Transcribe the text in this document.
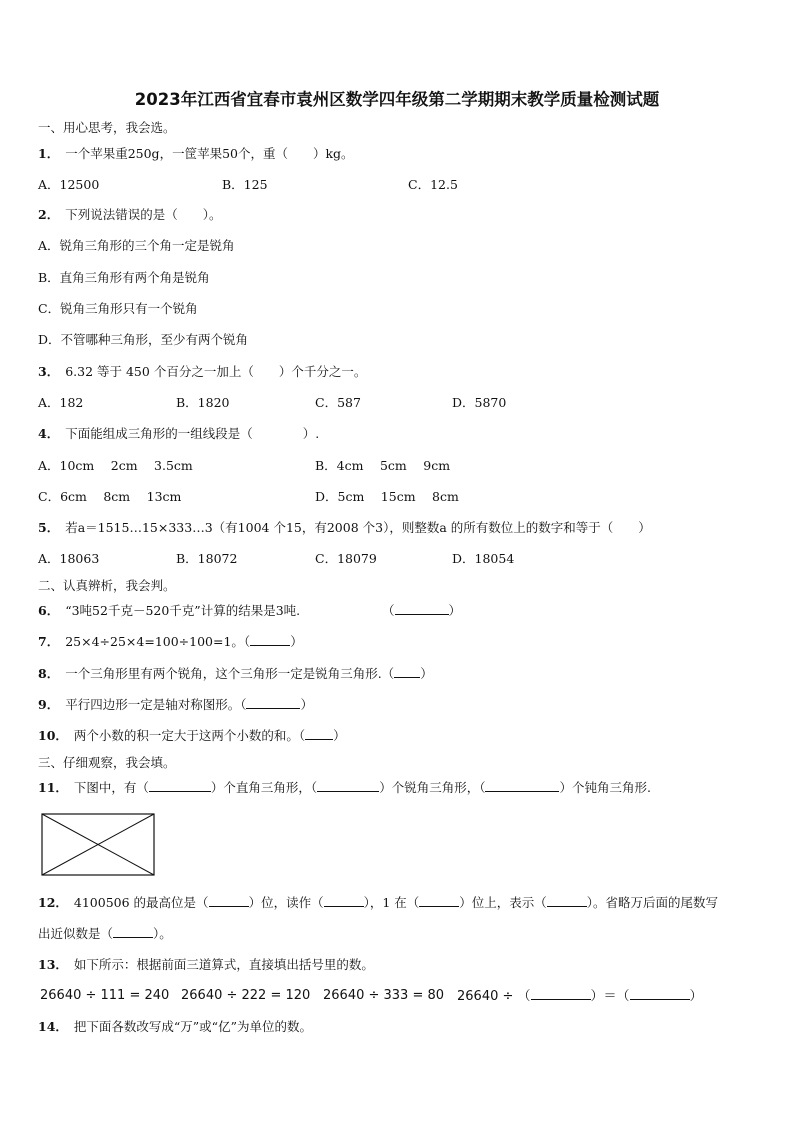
2023年江西省宜春市袁州区数学四年级第二学期期末教学质量检测试题
一、用心思考，我会选。
1． 一个苹果重250g，一筐苹果50个，重（　　）kg。
A．12500	B．125	C．12.5
2． 下列说法错误的是（　　）。
A．锐角三角形的三个角一定是锐角
B．直角三角形有两个角是锐角
C．锐角三角形只有一个锐角
D．不管哪种三角形，至少有两个锐角
3． 6.32 等于 450 个百分之一加上（　　）个千分之一。
A．182	B．1820	C．587	D．5870
4． 下面能组成三角形的一组线段是（　　　　）.
A．10cm　 2cm　 3.5cm	B．4cm　 5cm　 9cm
C．6cm　 8cm　 13cm	D．5cm　 15cm　 8cm
5． 若a＝1515…15×333…3（有1004 个15，有2008 个3），则整数a 的所有数位上的数字和等于（　　）
A．18063	B．18072	C．18079	D．18054
二、认真辨析，我会判。
6． “3吨52千克－520千克”计算的结果是3吨.	（	）
7． 25×4÷25×4=100÷100=1。（	）
8． 一个三角形里有两个锐角，这个三角形一定是锐角三角形.（ ）
9． 平行四边形一定是轴对称图形。（	）
10． 两个小数的积一定大于这两个小数的和。（ ）
三、仔细观察，我会填。
11． 下图中，有（	）个直角三角形，（	）个锐角三角形，（	）个钝角三角形.
12． 4100506 的最高位是（	）位，读作（	），1 在（	）位上，表示（	）。省略万后面的尾数写
出近似数是（	）。
13． 如下所示：根据前面三道算式，直接填出括号里的数。
26640 ÷ 111 = 240 26640 ÷ 222 = 120 26640 ÷ 333 = 80 26640 ÷ （	）＝（	）
14． 把下面各数改写成“万”或“亿”为单位的数。
